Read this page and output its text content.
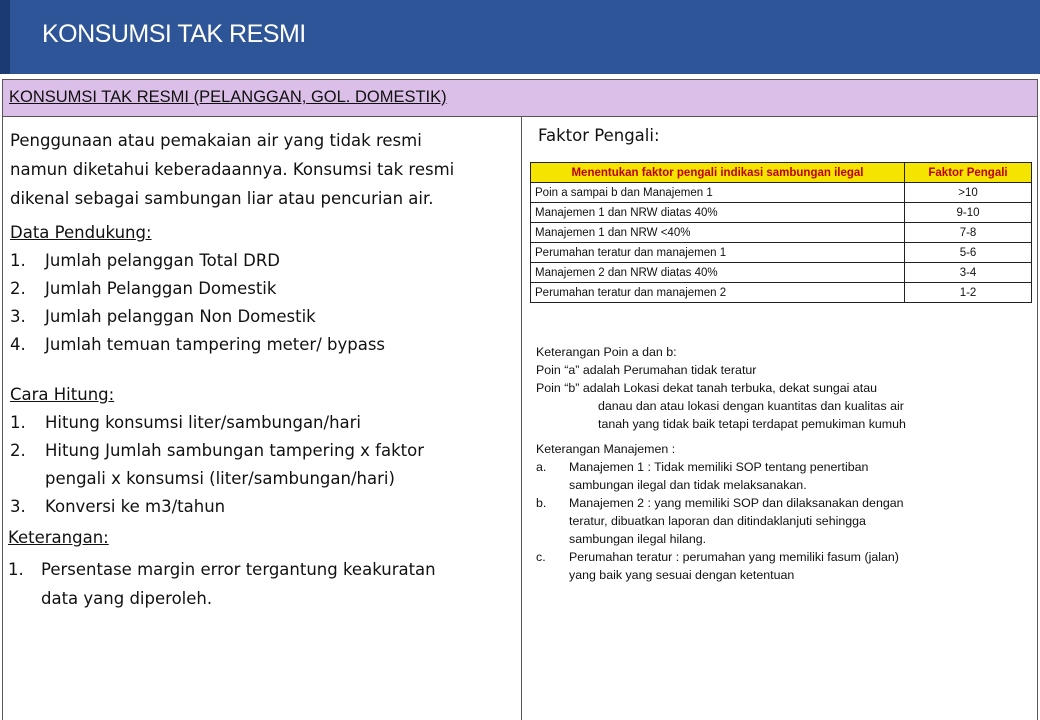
KONSUMSI TAK RESMI
KONSUMSI TAK RESMI (PELANGGAN, GOL. DOMESTIK)
Penggunaan atau pemakaian air yang tidak resmi
namun diketahui keberadaannya. Konsumsi tak resmi
dikenal sebagai sambungan liar atau pencurian air.
Data Pendukung:
1. Jumlah pelanggan Total DRD
2. Jumlah Pelanggan Domestik
3. Jumlah pelanggan Non Domestik
4. Jumlah temuan tampering meter/ bypass
Cara Hitung:
1. Hitung konsumsi liter/sambungan/hari
2. Hitung Jumlah sambungan tampering x faktor
pengali x konsumsi (liter/sambungan/hari)
3. Konversi ke m3/tahun
Keterangan:
1. Persentase margin error tergantung keakuratan
data yang diperoleh.
Faktor Pengali:
Menentukan faktor pengali indikasi sambungan ilegal	Faktor Pengali
Poin a sampai b dan Manajemen 1	>10
Manajemen 1 dan NRW diatas 40%	9-10
Manajemen 1 dan NRW <40%	7-8
Perumahan teratur dan manajemen 1	5-6
Manajemen 2 dan NRW diatas 40%	3-4
Perumahan teratur dan manajemen 2	1-2
Keterangan Poin a dan b:
Poin “a” adalah Perumahan tidak teratur
Poin “b” adalah Lokasi dekat tanah terbuka, dekat sungai atau
danau dan atau lokasi dengan kuantitas dan kualitas air
tanah yang tidak baik tetapi terdapat pemukiman kumuh
Keterangan Manajemen :
a. Manajemen 1 : Tidak memiliki SOP tentang penertiban
sambungan ilegal dan tidak melaksanakan.
b. Manajemen 2 : yang memiliki SOP dan dilaksanakan dengan
teratur, dibuatkan laporan dan ditindaklanjuti sehingga
sambungan ilegal hilang.
c. Perumahan teratur : perumahan yang memiliki fasum (jalan)
yang baik yang sesuai dengan ketentuan
